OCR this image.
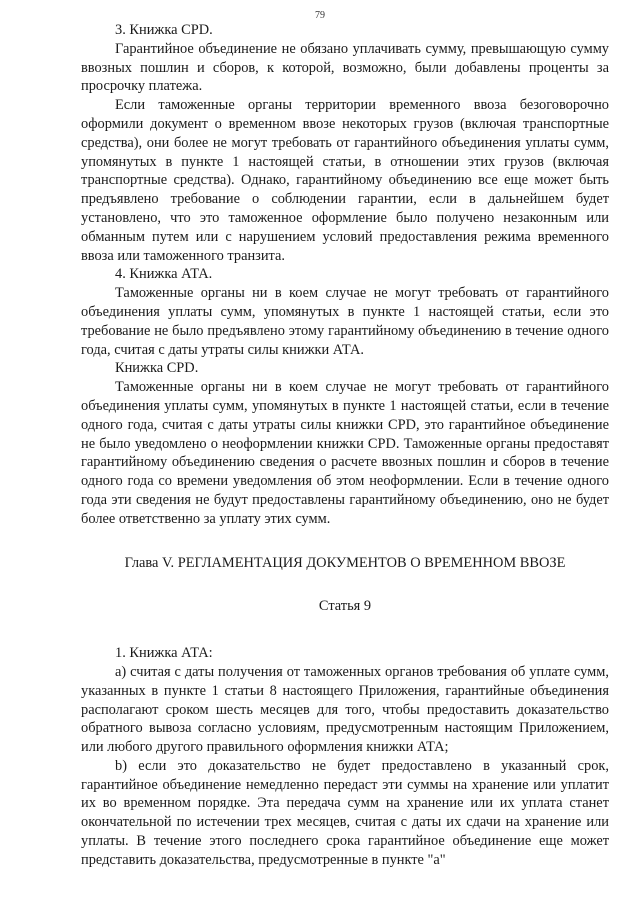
79

3. Книжка CPD.

Гарантийное объединение не обязано уплачивать сумму, превышающую сумму ввозных пошлин и сборов, к которой, возможно, были добавлены проценты за просрочку платежа.

Если таможенные органы территории временного ввоза безоговорочно оформили документ о временном ввозе некоторых грузов (включая транспортные средства), они более не могут требовать от гарантийного объединения уплаты сумм, упомянутых в пункте 1 настоящей статьи, в отношении этих грузов (включая транспортные средства). Однако, гарантийному объединению все еще может быть предъявлено требование о соблюдении гарантии, если в дальнейшем будет установлено, что это таможенное оформление было получено незаконным или обманным путем или с нарушением условий предоставления режима временного ввоза или таможенного транзита.

4. Книжка АТА.

Таможенные органы ни в коем случае не могут требовать от гарантийного объединения уплаты сумм, упомянутых в пункте 1 настоящей статьи, если это требование не было предъявлено этому гарантийному объединению в течение одного года, считая с даты утраты силы книжки АТА.

Книжка CPD.

Таможенные органы ни в коем случае не могут требовать от гарантийного объединения уплаты сумм, упомянутых в пункте 1 настоящей статьи, если в течение одного года, считая с даты утраты силы книжки CPD, это гарантийное объединение не было уведомлено о неоформлении книжки CPD. Таможенные органы предоставят гарантийному объединению сведения о расчете ввозных пошлин и сборов в течение одного года со времени уведомления об этом неоформлении. Если в течение одного года эти сведения не будут предоставлены гарантийному объединению, оно не будет более ответственно за уплату этих сумм.

Глава V. РЕГЛАМЕНТАЦИЯ ДОКУМЕНТОВ О ВРЕМЕННОМ ВВОЗЕ
Статья 9

1. Книжка АТА:

а) считая с даты получения от таможенных органов требования об уплате сумм, указанных в пункте 1 статьи 8 настоящего Приложения, гарантийные объединения располагают сроком шесть месяцев для того, чтобы предоставить доказательство обратного вывоза согласно условиям, предусмотренным настоящим Приложением, или любого другого правильного оформления книжки АТА;

b) если это доказательство не будет предоставлено в указанный срок, гарантийное объединение немедленно передаст эти суммы на хранение или уплатит их во временном порядке. Эта передача сумм на хранение или их уплата станет окончательной по истечении трех месяцев, считая с даты их сдачи на хранение или уплаты. В течение этого последнего срока гарантийное объединение еще может представить доказательства, предусмотренные в пункте "а"
